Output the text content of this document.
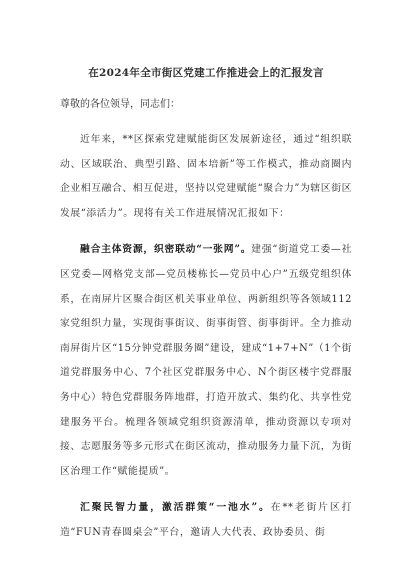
在2024年全市街区党建工作推进会上的汇报发言
尊敬的各位领导，同志们：

近年来，**区探索党建赋能街区发展新途径，通过“组织联动、区域联治、典型引路、固本培新”等工作模式，推动商圈内企业相互融合、相互促进，坚持以党建赋能“聚合力”为辖区街区发展“添活力”。现将有关工作进展情况汇报如下：

融合主体资源，织密联动“一张网”。建强“街道党工委—社区党委—网格党支部—党员楼栋长—党员中心户”五级党组织体系，在南屏片区聚合街区机关事业单位、两新组织等各领域112家党组织力量，实现街事街议、街事街管、街事街评。全力推动南屏街片区“15分钟党群服务圈”建设，建成“1+7+N”（1个街道党群服务中心、7个社区党群服务中心、N个街区楼宇党群服务中心）特色党群服务阵地群，打造开放式、集约化、共享性党建服务平台。梳理各领域党组织资源清单，推动资源以专项对接、志愿服务等多元形式在街区流动，推动服务力量下沉，为街区治理工作“赋能提质”。

汇聚民智力量，激活群策“一池水”。在**老街片区打造“FUN青春圆桌会”平台，邀请人大代表、政协委员、街
